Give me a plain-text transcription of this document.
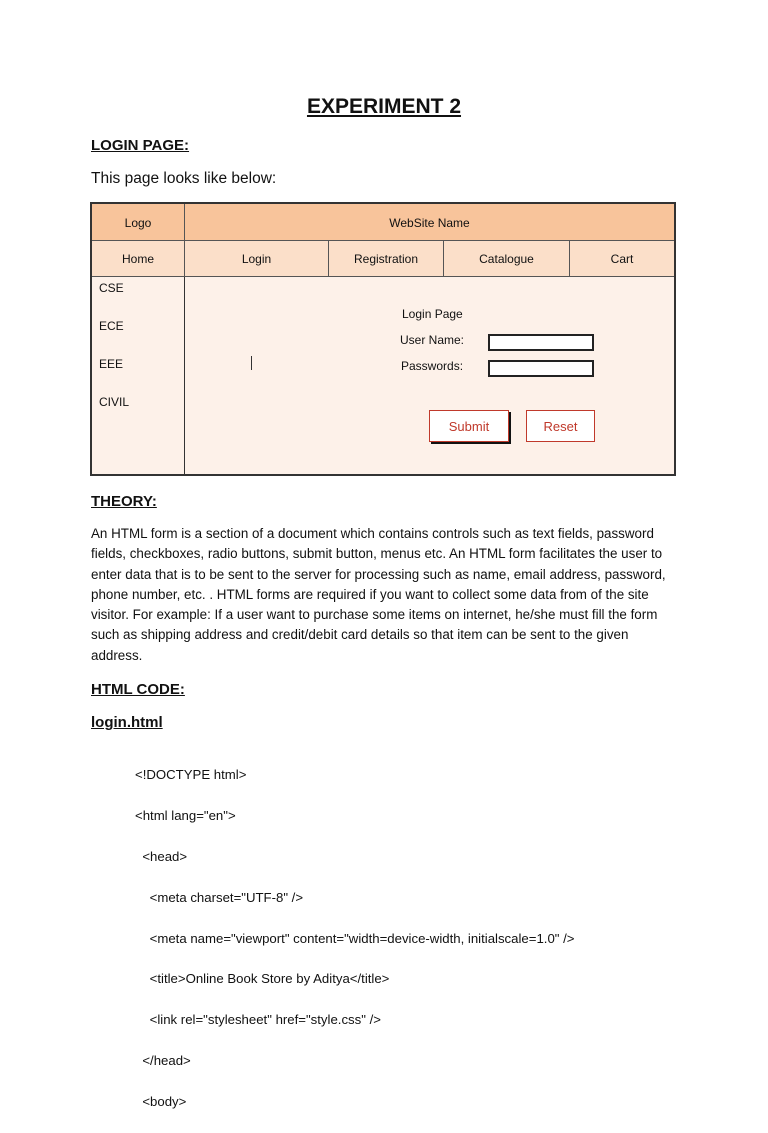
EXPERIMENT 2
LOGIN PAGE:
This page looks like below:
Logo	WebSite Name
Home	Login	Registration	Catalogue	Cart
CSE
ECE
EEE
CIVIL
Login Page
User Name:
Passwords:
Submit	Reset
THEORY:

An HTML form is a section of a document which contains controls such as text fields, password fields, checkboxes, radio buttons, submit button, menus etc. An HTML form facilitates the user to enter data that is to be sent to the server for processing such as name, email address, password, phone number, etc. . HTML forms are required if you want to collect some data from of the site visitor. For example: If a user want to purchase some items on internet, he/she must fill the form such as shipping address and credit/debit card details so that item can be sent to the given address.

HTML CODE:
login.html

<!DOCTYPE html>

<html lang="en">

<head>

<meta charset="UTF-8" />

<meta name="viewport" content="width=device-width, initialscale=1.0" />

<title>Online Book Store by Aditya</title>

<link rel="stylesheet" href="style.css" />

</head>

<body>
